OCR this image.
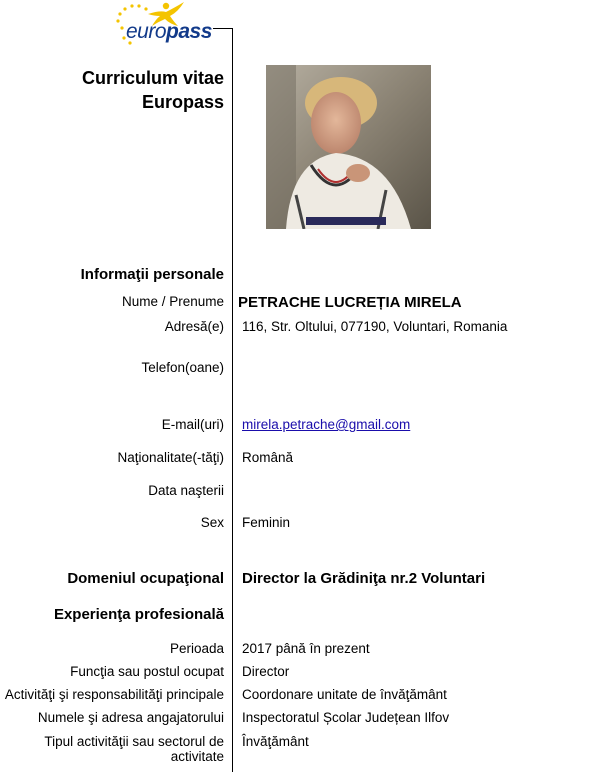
europass
Curriculum vitae
Europass
Informaţii personale
Nume / Prenume PETRACHE LUCREȚIA MIRELA
Adresă(e) 116, Str. Oltului, 077190, Voluntari, Romania
Telefon(oane)
E-mail(uri) mirela.petrache@gmail.com
Naţionalitate(-tăţi) Română
Data naşterii
Sex Feminin
Domeniul ocupaţional Director la Grădiniţa nr.2 Voluntari
Experienţa profesională
Perioada 2017 până în prezent
Funcţia sau postul ocupat Director
Activităţi şi responsabilităţi principale Coordonare unitate de învăţământ
Numele şi adresa angajatorului Inspectoratul Școlar Județean Ilfov
Tipul activităţii sau sectorul de activitate
Învăţământ
